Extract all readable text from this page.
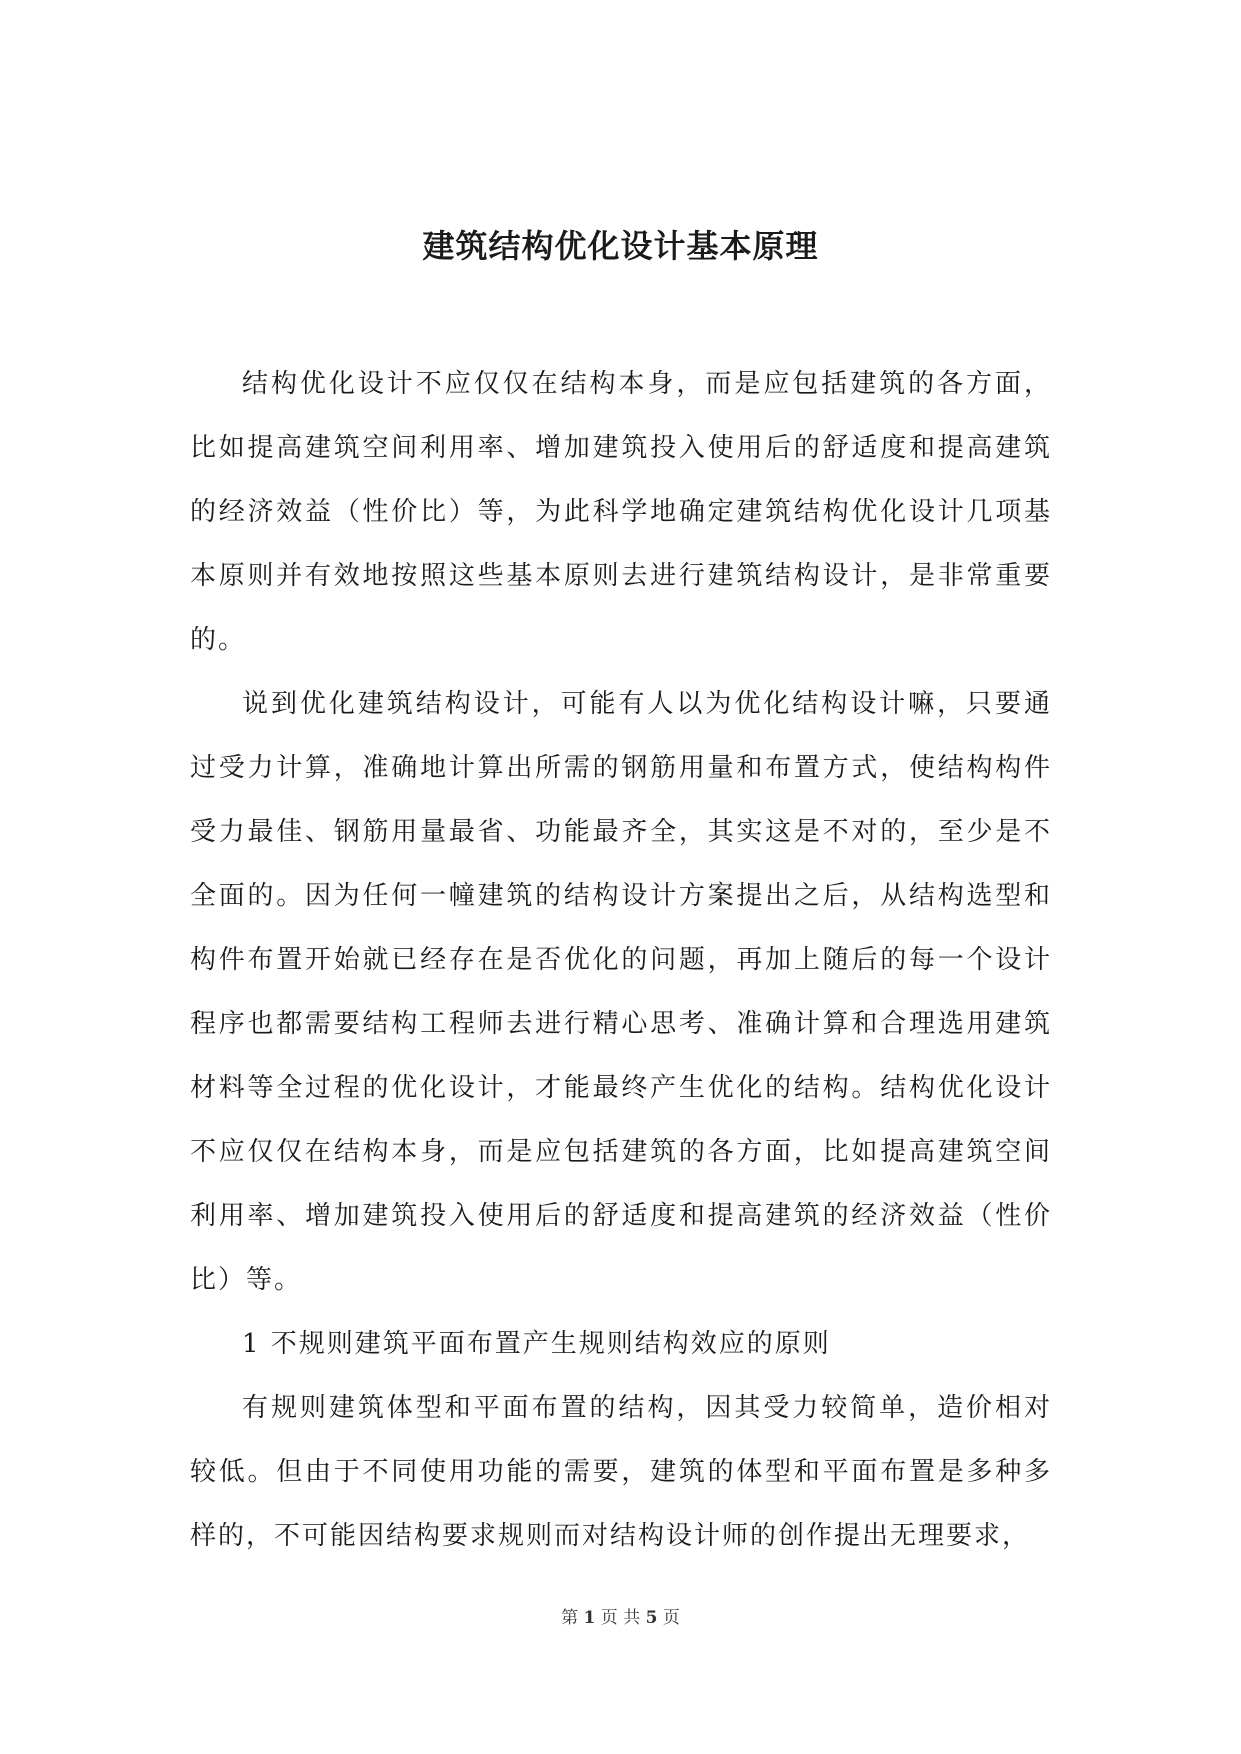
建筑结构优化设计基本原理

结构优化设计不应仅仅在结构本身，而是应包括建筑的各方面，比如提高建筑空间利用率、增加建筑投入使用后的舒适度和提高建筑的经济效益（性价比）等，为此科学地确定建筑结构优化设计几项基本原则并有效地按照这些基本原则去进行建筑结构设计，是非常重要的。

说到优化建筑结构设计，可能有人以为优化结构设计嘛，只要通过受力计算，准确地计算出所需的钢筋用量和布置方式，使结构构件受力最佳、钢筋用量最省、功能最齐全，其实这是不对的，至少是不全面的。因为任何一幢建筑的结构设计方案提出之后，从结构选型和构件布置开始就已经存在是否优化的问题，再加上随后的每一个设计程序也都需要结构工程师去进行精心思考、准确计算和合理选用建筑材料等全过程的优化设计，才能最终产生优化的结构。结构优化设计不应仅仅在结构本身，而是应包括建筑的各方面，比如提高建筑空间利用率、增加建筑投入使用后的舒适度和提高建筑的经济效益（性价比）等。

1 不规则建筑平面布置产生规则结构效应的原则

有规则建筑体型和平面布置的结构，因其受力较简单，造价相对较低。但由于不同使用功能的需要，建筑的体型和平面布置是多种多样的，不可能因结构要求规则而对结构设计师的创作提出无理要求，

第 1 页 共 5 页
